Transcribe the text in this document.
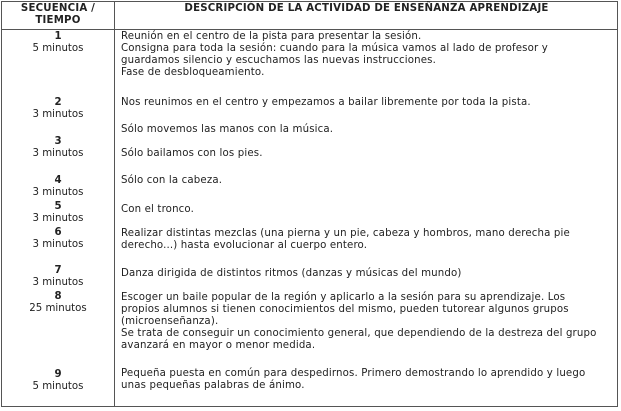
SECUENCIA /
TIEMPO
DESCRIPCIÓN DE LA ACTIVIDAD DE ENSEÑANZA APRENDIZAJE
1
5 minutos
Reunión en el centro de la pista para presentar la sesión.
Consigna para toda la sesión: cuando para la música vamos al lado de profesor y
guardamos silencio y escuchamos las nuevas instrucciones.
Fase de desbloqueamiento.
2
3 minutos
Nos reunimos en el centro y empezamos a bailar libremente por toda la pista.
3
Sólo movemos las manos con la música.
3 minutos	Sólo bailamos con los pies.
4
3 minutos
Sólo con la cabeza.
5
3 minutos
Con el tronco.
6
3 minutos
Realizar distintas mezclas (una pierna y un pie, cabeza y hombros, mano derecha pie
derecho...) hasta evolucionar al cuerpo entero.
7
3 minutos
Danza dirigida de distintos ritmos (danzas y músicas del mundo)
8
25 minutos
Escoger un baile popular de la región y aplicarlo a la sesión para su aprendizaje. Los
propios alumnos si tienen conocimientos del mismo, pueden tutorear algunos grupos
(microenseñanza).
Se trata de conseguir un conocimiento general, que dependiendo de la destreza del grupo
avanzará en mayor o menor medida.
9
5 minutos
Pequeña puesta en común para despedirnos. Primero demostrando lo aprendido y luego
unas pequeñas palabras de ánimo.
